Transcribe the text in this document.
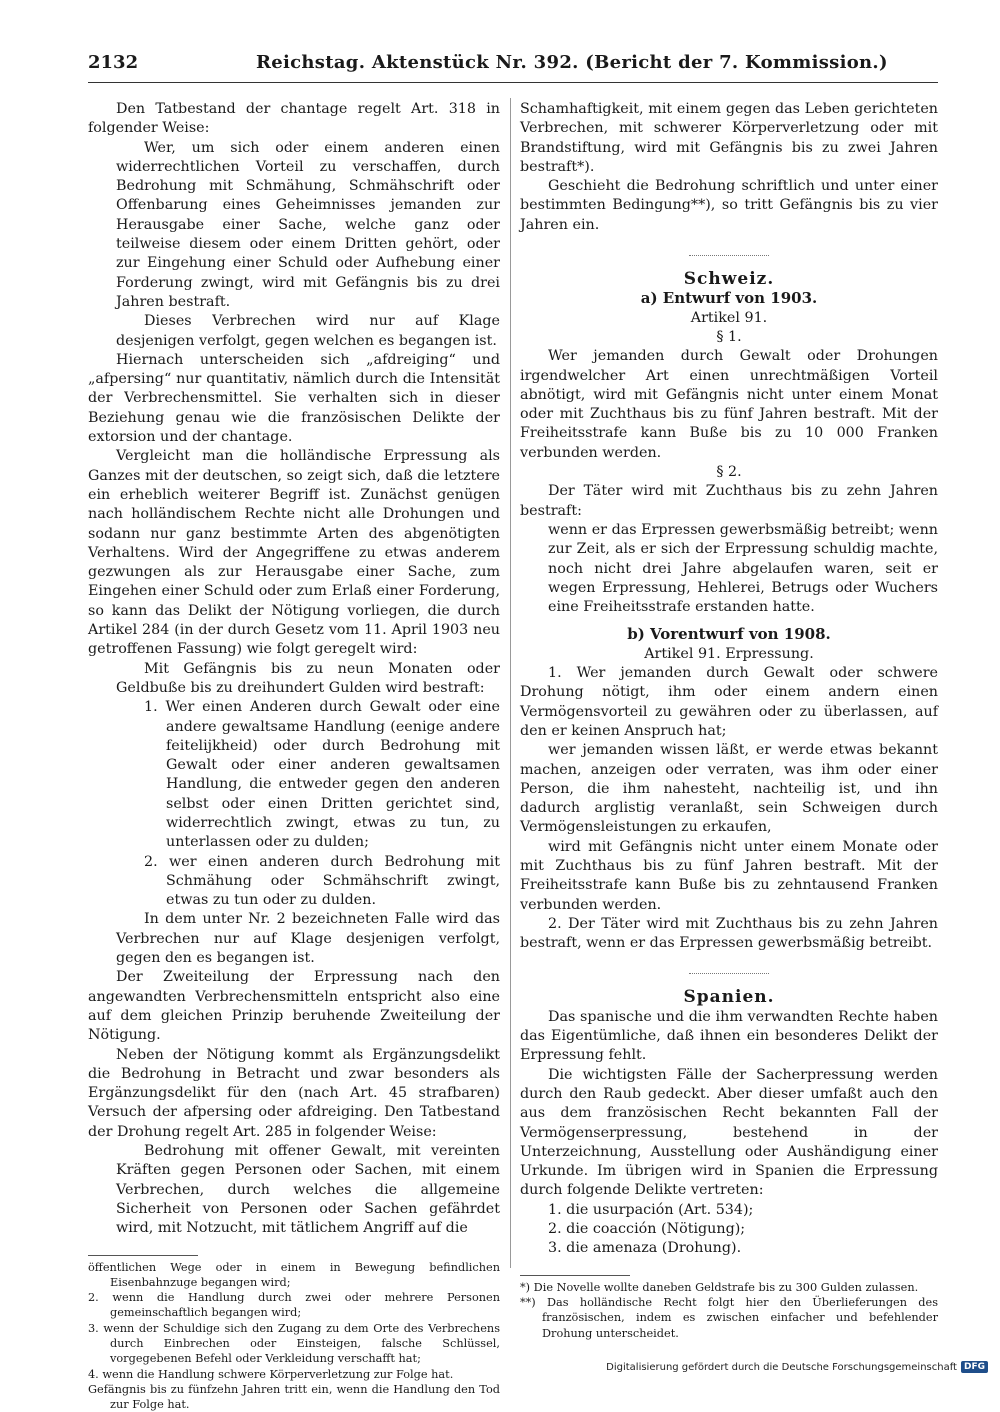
2132	Reichstag. Aktenstück Nr. 392. (Bericht der 7. Kommission.)

Den Tatbestand der chantage regelt Art. 318 in folgender Weise:

Wer, um sich oder einem anderen einen widerrechtlichen Vorteil zu verschaffen, durch Bedrohung mit Schmähung, Schmähschrift oder Offenbarung eines Geheimnisses jemanden zur Herausgabe einer Sache, welche ganz oder teilweise diesem oder einem Dritten gehört, oder zur Eingehung einer Schuld oder Aufhebung einer Forderung zwingt, wird mit Gefängnis bis zu drei Jahren bestraft.

Dieses Verbrechen wird nur auf Klage desjenigen verfolgt, gegen welchen es begangen ist.

Hiernach unterscheiden sich „afdreiging“ und „afpersing“ nur quantitativ, nämlich durch die Intensität der Verbrechensmittel. Sie verhalten sich in dieser Beziehung genau wie die französischen Delikte der extorsion und der chantage.

Vergleicht man die holländische Erpressung als Ganzes mit der deutschen, so zeigt sich, daß die letztere ein erheblich weiterer Begriff ist. Zunächst genügen nach holländischem Rechte nicht alle Drohungen und sodann nur ganz bestimmte Arten des abgenötigten Verhaltens. Wird der Angegriffene zu etwas anderem gezwungen als zur Herausgabe einer Sache, zum Eingehen einer Schuld oder zum Erlaß einer Forderung, so kann das Delikt der Nötigung vorliegen, die durch Artikel 284 (in der durch Gesetz vom 11. April 1903 neu getroffenen Fassung) wie folgt geregelt wird:

Mit Gefängnis bis zu neun Monaten oder Geldbuße bis zu dreihundert Gulden wird bestraft:

1. Wer einen Anderen durch Gewalt oder eine andere gewaltsame Handlung (eenige andere feitelijkheid) oder durch Bedrohung mit Gewalt oder einer anderen gewaltsamen Handlung, die entweder gegen den anderen selbst oder einen Dritten gerichtet sind, widerrechtlich zwingt, etwas zu tun, zu unterlassen oder zu dulden;

2. wer einen anderen durch Bedrohung mit Schmähung oder Schmähschrift zwingt, etwas zu tun oder zu dulden.

In dem unter Nr. 2 bezeichneten Falle wird das Verbrechen nur auf Klage desjenigen verfolgt, gegen den es begangen ist.

Der Zweiteilung der Erpressung nach den angewandten Verbrechensmitteln entspricht also eine auf dem gleichen Prinzip beruhende Zweiteilung der Nötigung.

Neben der Nötigung kommt als Ergänzungsdelikt die Bedrohung in Betracht und zwar besonders als Ergänzungsdelikt für den (nach Art. 45 strafbaren) Versuch der afpersing oder afdreiging. Den Tatbestand der Drohung regelt Art. 285 in folgender Weise:

Bedrohung mit offener Gewalt, mit vereinten Kräften gegen Personen oder Sachen, mit einem Verbrechen, durch welches die allgemeine Sicherheit von Personen oder Sachen gefährdet wird, mit Notzucht, mit tätlichem Angriff auf die

öffentlichen Wege oder in einem in Bewegung befindlichen Eisenbahnzuge begangen wird;

2. wenn die Handlung durch zwei oder mehrere Personen gemeinschaftlich begangen wird;

3. wenn der Schuldige sich den Zugang zu dem Orte des Verbrechens durch Einbrechen oder Einsteigen, falsche Schlüssel, vorgegebenen Befehl oder Verkleidung verschafft hat;

4. wenn die Handlung schwere Körperverletzung zur Folge hat.

Gefängnis bis zu fünfzehn Jahren tritt ein, wenn die Handlung den Tod zur Folge hat.

Schamhaftigkeit, mit einem gegen das Leben gerichteten Verbrechen, mit schwerer Körperverletzung oder mit Brandstiftung, wird mit Gefängnis bis zu zwei Jahren bestraft*).

Geschieht die Bedrohung schriftlich und unter einer bestimmten Bedingung**), so tritt Gefängnis bis zu vier Jahren ein.

Schweiz.

a) Entwurf von 1903.

Artikel 91.

§ 1.

Wer jemanden durch Gewalt oder Drohungen irgendwelcher Art einen unrechtmäßigen Vorteil abnötigt, wird mit Gefängnis nicht unter einem Monat oder mit Zuchthaus bis zu fünf Jahren bestraft. Mit der Freiheitsstrafe kann Buße bis zu 10 000 Franken verbunden werden.

§ 2.

Der Täter wird mit Zuchthaus bis zu zehn Jahren bestraft:

wenn er das Erpressen gewerbsmäßig betreibt; wenn zur Zeit, als er sich der Erpressung schuldig machte, noch nicht drei Jahre abgelaufen waren, seit er wegen Erpressung, Hehlerei, Betrugs oder Wuchers eine Freiheitsstrafe erstanden hatte.

b) Vorentwurf von 1908.

Artikel 91. Erpressung.

1. Wer jemanden durch Gewalt oder schwere Drohung nötigt, ihm oder einem andern einen Vermögensvorteil zu gewähren oder zu überlassen, auf den er keinen Anspruch hat;

wer jemanden wissen läßt, er werde etwas bekannt machen, anzeigen oder verraten, was ihm oder einer Person, die ihm nahesteht, nachteilig ist, und ihn dadurch arglistig veranlaßt, sein Schweigen durch Vermögensleistungen zu erkaufen,

wird mit Gefängnis nicht unter einem Monate oder mit Zuchthaus bis zu fünf Jahren bestraft. Mit der Freiheitsstrafe kann Buße bis zu zehntausend Franken verbunden werden.

2. Der Täter wird mit Zuchthaus bis zu zehn Jahren bestraft, wenn er das Erpressen gewerbsmäßig betreibt.

Spanien.

Das spanische und die ihm verwandten Rechte haben das Eigentümliche, daß ihnen ein besonderes Delikt der Erpressung fehlt.

Die wichtigsten Fälle der Sacherpressung werden durch den Raub gedeckt. Aber dieser umfaßt auch den aus dem französischen Recht bekannten Fall der Vermögenserpressung, bestehend in der Unterzeichnung, Ausstellung oder Aushändigung einer Urkunde. Im übrigen wird in Spanien die Erpressung durch folgende Delikte vertreten:

1. die usurpación (Art. 534);

2. die coacción (Nötigung);

3. die amenaza (Drohung).

*) Die Novelle wollte daneben Geldstrafe bis zu 300 Gulden zulassen.

**) Das holländische Recht folgt hier den Überlieferungen des französischen, indem es zwischen einfacher und befehlender Drohung unterscheidet.

Digitalisierung gefördert durch die Deutsche Forschungsgemeinschaft DFG
